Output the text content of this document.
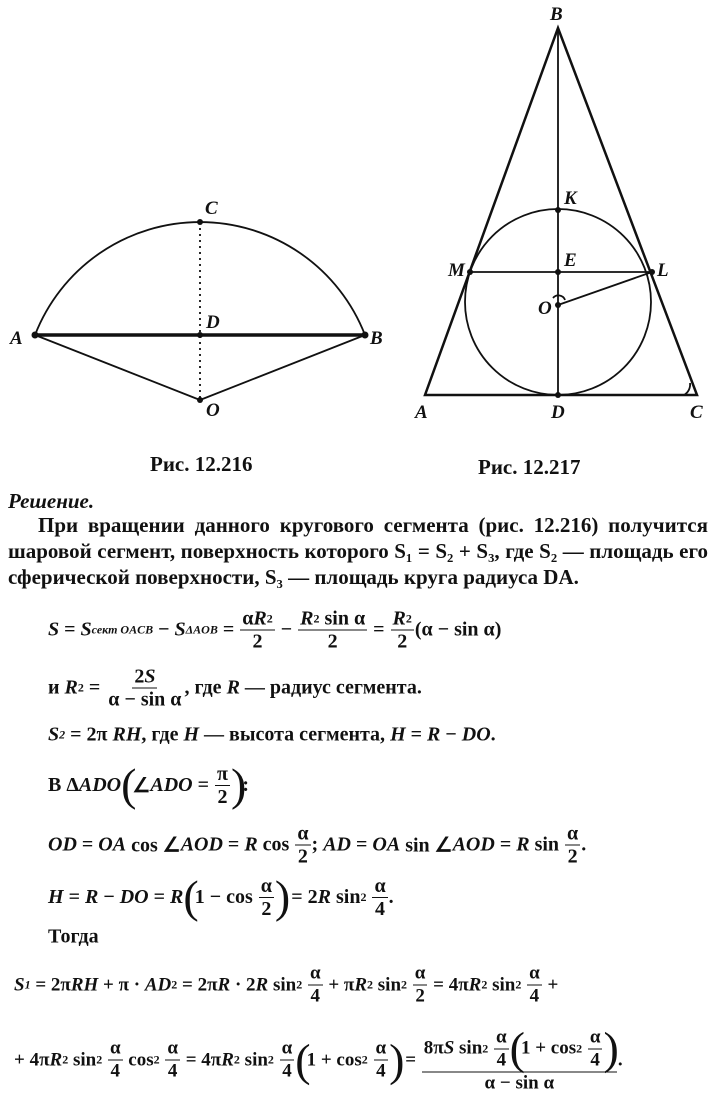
A	B
C
D
O
B
K
E
M	L
O
A	D	C
Рис. 12.216	Рис. 12.217
Решение.
При вращении данного кругового сегмента (рис. 12.216) получится шаровой сегмент, поверхность которого S₁ = S₂ + S₃, где S₂ — площадь его сферической поверхности, S₃ — площадь круга радиуса DA.
S = S сект OACB − S $\Delta AOB = \frac{\text{α R 2}}{2} - \frac{\text{R 2 sin α}}{2} = \frac{R 2}{2} (\alpha - \sin \alpha)$
и R $2 = \frac{2 S}{\text{α − sin α}}$ , где R — радиус сегмента.
S 2 = 2π RH , где H — высота сегмента, H = R − DO .
В Δ ADO ( ∠ ADO = $\frac{\pi}{2}$ ) :
OD = OA cos ∠ AOD = R $\cos \frac{\alpha}{2}$ ; AD = OA sin ∠ AOD = R $\sin \frac{\alpha}{2}$ .
H = R − DO = R ( $1 - \cos \frac{\alpha}{2}$ ) = 2 R sin 2
$\frac{\alpha}{4}$ .
Тогда
S 1 = 2π RH + π · AD 2 = 2π R · 2 R sin 2
$\frac{\alpha}{4} + \pi$ R 2 sin 2
$\frac{\alpha}{2} = 4\pi$ R 2 sin 2
$\frac{\alpha}{4}$ +
+ 4π R 2 sin 2
$\frac{\alpha}{4}$ cos 2
$\frac{\alpha}{4} = 4\pi$ R 2 sin 2
$\frac{\alpha}{4}$ ( 1 + cos 2
$\frac{\alpha}{4}$ ) = 8π S sin 2
$\frac{\alpha}{4}$ ( 1 + cos 2
$\frac{\alpha}{4}$ )
α − sin α .
